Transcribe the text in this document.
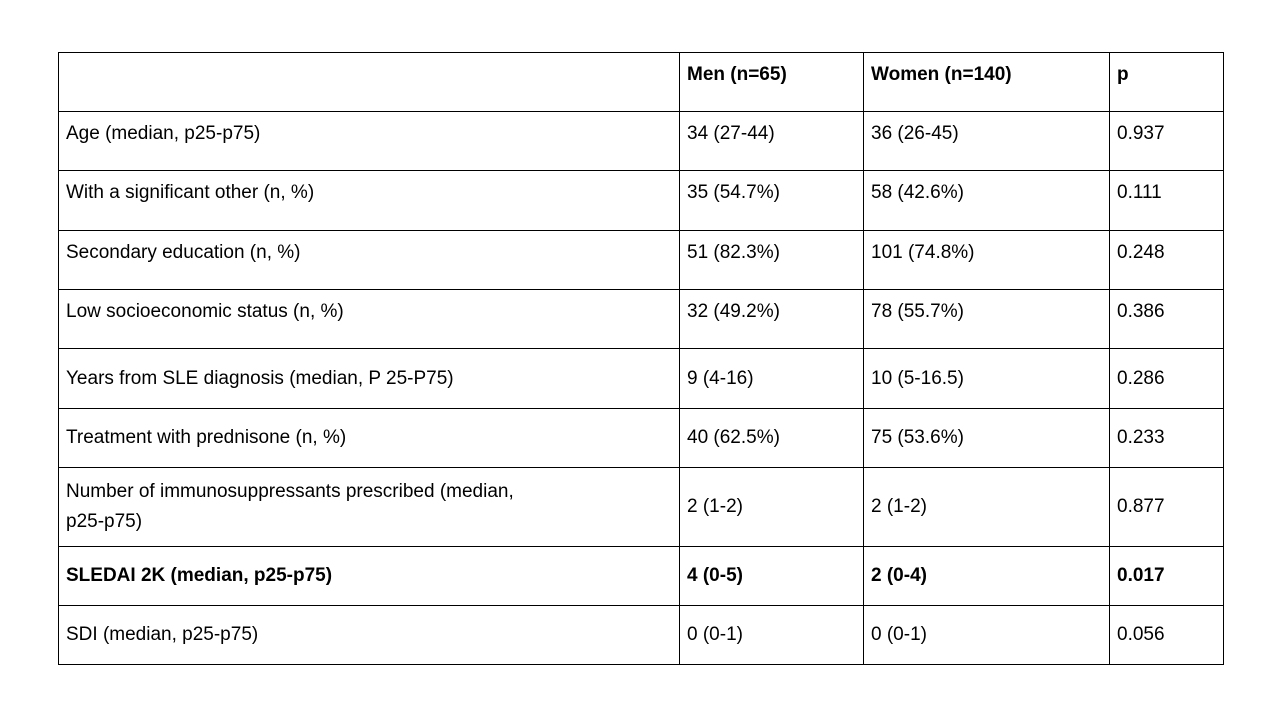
	Men (n=65)	Women (n=140)	p
Age (median, p25-p75)	34 (27-44)	36 (26-45)	0.937
With a significant other (n, %)	35 (54.7%)	58 (42.6%)	0.111
Secondary education (n, %)	51 (82.3%)	101 (74.8%)	0.248
Low socioeconomic status (n, %)	32 (49.2%)	78 (55.7%)	0.386
Years from SLE diagnosis (median, P 25-P75)	9 (4-16)	10 (5-16.5)	0.286
Treatment with prednisone (n, %)	40 (62.5%)	75 (53.6%)	0.233
Number of immunosuppressants prescribed (median, p25-p75)	2 (1-2)	2 (1-2)	0.877
SLEDAI 2K (median, p25-p75)	4 (0-5)	2 (0-4)	0.017
SDI (median, p25-p75)	0 (0-1)	0 (0-1)	0.056
